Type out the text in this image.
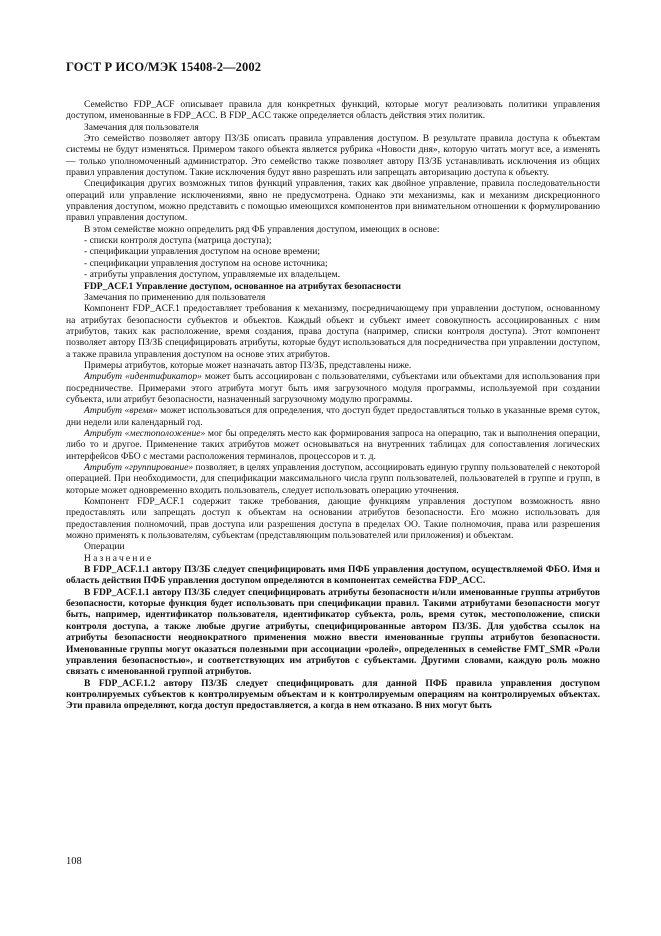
ГОСТ Р ИСО/МЭК 15408-2—2002

Семейство FDP_ACF описывает правила для конкретных функций, которые могут реализовать политики управления доступом, именованные в FDP_ACC. В FDP_ACC также определяется область действия этих политик.

Замечания для пользователя

Это семейство позволяет автору ПЗ/ЗБ описать правила управления доступом. В результате правила доступа к объектам системы не будут изменяться. Примером такого объекта является рубрика «Новости дня», которую читать могут все, а изменять — только уполномоченный администратор. Это семейство также позволяет автору ПЗ/ЗБ устанавливать исключения из общих правил управления доступом. Такие исключения будут явно разрешать или запрещать авторизацию доступа к объекту.

Спецификация других возможных типов функций управления, таких как двойное управление, правила последовательности операций или управление исключениями, явно не предусмотрена. Однако эти механизмы, как и механизм дискреционного управления доступом, можно представить с помощью имеющихся компонентов при внимательном отношении к формулированию правил управления доступом.

В этом семействе можно определить ряд ФБ управления доступом, имеющих в основе:

- списки контроля доступа (матрица доступа);

- спецификации управления доступом на основе времени;

- спецификации управления доступом на основе источника;

- атрибуты управления доступом, управляемые их владельцем.

FDP_ACF.1 Управление доступом, основанное на атрибутах безопасности

Замечания по применению для пользователя

Компонент FDP_ACF.1 предоставляет требования к механизму, посредничающему при управлении доступом, основанному на атрибутах безопасности субъектов и объектов. Каждый объект и субъект имеет совокупность ассоциированных с ним атрибутов, таких как расположение, время создания, права доступа (например, списки контроля доступа). Этот компонент позволяет автору ПЗ/ЗБ специфицировать атрибуты, которые будут использоваться для посредничества при управлении доступом, а также правила управления доступом на основе этих атрибутов.

Примеры атрибутов, которые может назначать автор ПЗ/ЗБ, представлены ниже.

Атрибут «идентификатор» может быть ассоциирован с пользователями, субъектами или объектами для использования при посредничестве. Примерами этого атрибута могут быть имя загрузочного модуля программы, используемой при создании субъекта, или атрибут безопасности, назначенный загрузочному модулю программы.

Атрибут «время» может использоваться для определения, что доступ будет предоставляться только в указанные время суток, дни недели или календарный год.

Атрибут «местоположение» мог бы определять место как формирования запроса на операцию, так и выполнения операции, либо то и другое. Применение таких атрибутов может основываться на внутренних таблицах для сопоставления логических интерфейсов ФБО с местами расположения терминалов, процессоров и т. д.

Атрибут «группирование» позволяет, в целях управления доступом, ассоциировать единую группу пользователей с некоторой операцией. При необходимости, для спецификации максимального числа групп пользователей, пользователей в группе и групп, в которые может одновременно входить пользователь, следует использовать операцию уточнения.

Компонент FDP_ACF.1 содержит также требования, дающие функциям управления доступом возможность явно предоставлять или запрещать доступ к объектам на основании атрибутов безопасности. Его можно использовать для предоставления полномочий, прав доступа или разрешения доступа в пределах ОО. Такие полномочия, права или разрешения можно применять к пользователям, субъектам (представляющим пользователей или приложения) и объектам.

Операции

Назначение

В FDP_ACF.1.1 автору ПЗ/ЗБ следует специфицировать имя ПФБ управления доступом, осуществляемой ФБО. Имя и область действия ПФБ управления доступом определяются в компонентах семейства FDP_ACC.

В FDP_ACF.1.1 автору ПЗ/ЗБ следует специфицировать атрибуты безопасности и/или именованные группы атрибутов безопасности, которые функция будет использовать при спецификации правил. Такими атрибутами безопасности могут быть, например, идентификатор пользователя, идентификатор субъекта, роль, время суток, местоположение, списки контроля доступа, а также любые другие атрибуты, специфицированные автором ПЗ/ЗБ. Для удобства ссылок на атрибуты безопасности неоднократного применения можно ввести именованные группы атрибутов безопасности. Именованные группы могут оказаться полезными при ассоциации «ролей», определенных в семействе FMT_SMR «Роли управления безопасностью», и соответствующих им атрибутов с субъектами. Другими словами, каждую роль можно связать с именованной группой атрибутов.

В FDP_ACF.1.2 автору ПЗ/ЗБ следует специфицировать для данной ПФБ правила управления доступом контролируемых субъектов к контролируемым объектам и к контролируемым операциям на контролируемых объектах. Эти правила определяют, когда доступ предоставляется, а когда в нем отказано. В них могут быть

108
